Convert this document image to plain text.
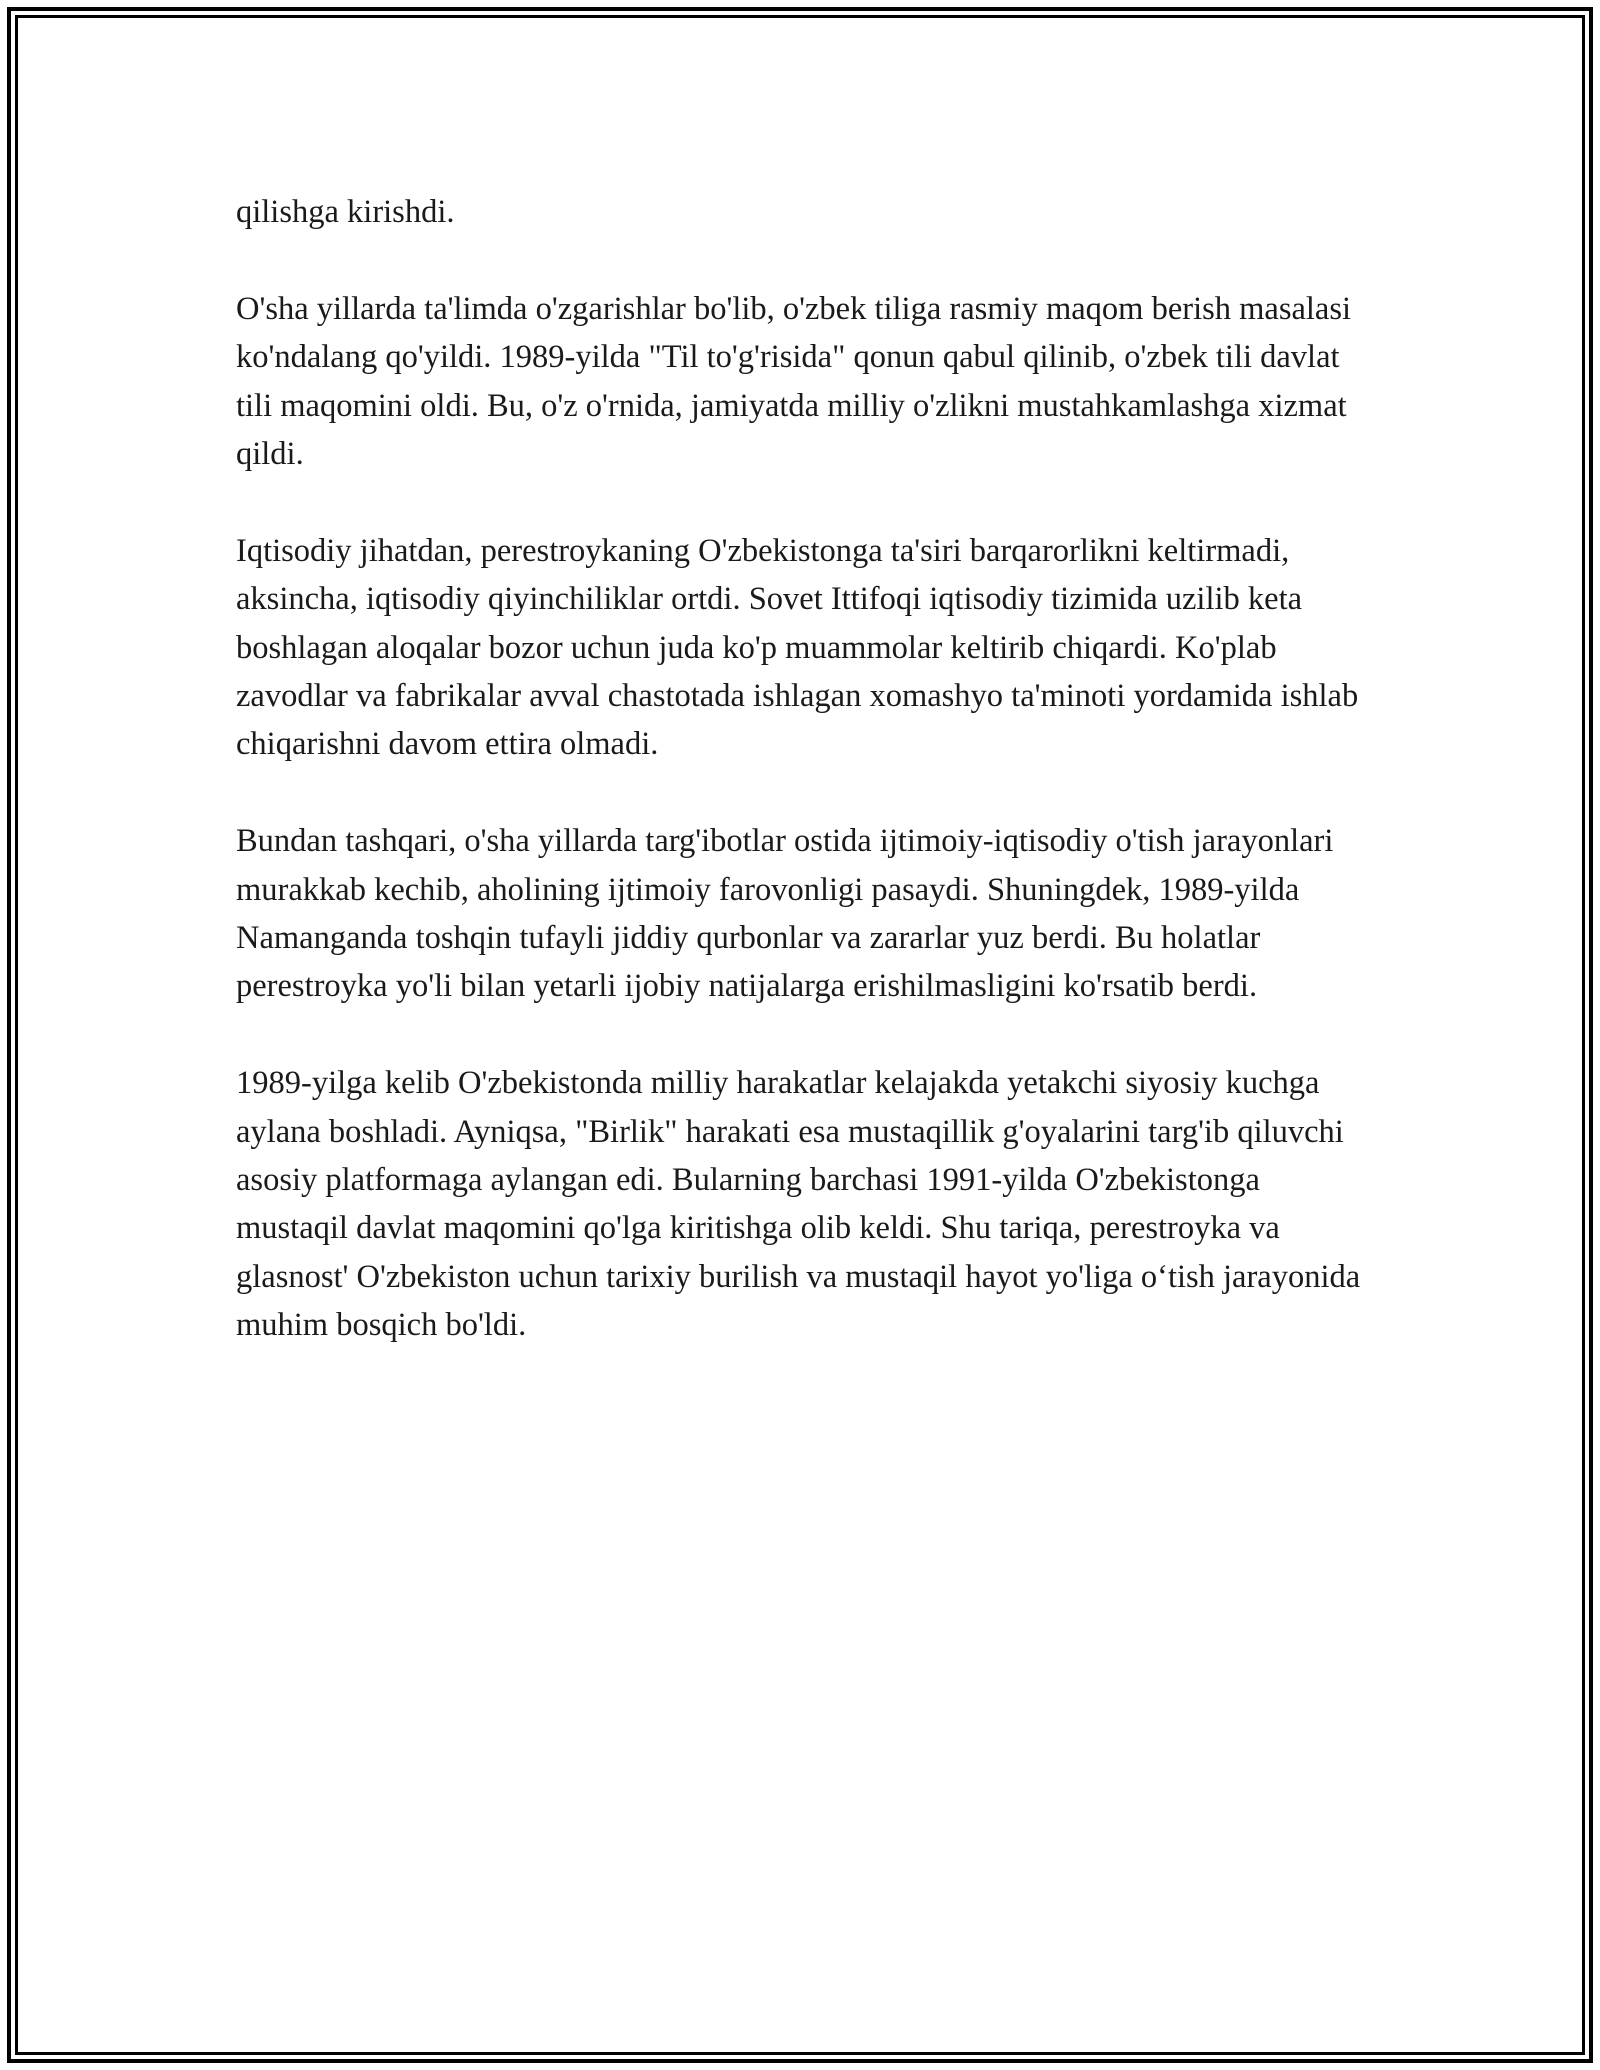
qilishga kirishdi.

O'sha yillarda ta'limda o'zgarishlar bo'lib, o'zbek tiliga rasmiy maqom berish masalasi ko'ndalang qo'yildi. 1989-yilda "Til to'g'risida" qonun qabul qilinib, o'zbek tili davlat tili maqomini oldi. Bu, o'z o'rnida, jamiyatda milliy o'zlikni mustahkamlashga xizmat qildi.

Iqtisodiy jihatdan, perestroykaning O'zbekistonga ta'siri barqarorlikni keltirmadi, aksincha, iqtisodiy qiyinchiliklar ortdi. Sovet Ittifoqi iqtisodiy tizimida uzilib keta boshlagan aloqalar bozor uchun juda ko'p muammolar keltirib chiqardi. Ko'plab zavodlar va fabrikalar avval chastotada ishlagan xomashyo ta'minoti yordamida ishlab chiqarishni davom ettira olmadi.

Bundan tashqari, o'sha yillarda targ'ibotlar ostida ijtimoiy-iqtisodiy o'tish jarayonlari murakkab kechib, aholining ijtimoiy farovonligi pasaydi. Shuningdek, 1989-yilda Namanganda toshqin tufayli jiddiy qurbonlar va zararlar yuz berdi. Bu holatlar perestroyka yo'li bilan yetarli ijobiy natijalarga erishilmasligini ko'rsatib berdi.

1989-yilga kelib O'zbekistonda milliy harakatlar kelajakda yetakchi siyosiy kuchga aylana boshladi. Ayniqsa, "Birlik" harakati esa mustaqillik g'oyalarini targ'ib qiluvchi asosiy platformaga aylangan edi. Bularning barchasi 1991-yilda O'zbekistonga mustaqil davlat maqomini qo'lga kiritishga olib keldi. Shu tariqa, perestroyka va glasnost' O'zbekiston uchun tarixiy burilish va mustaqil hayot yo'liga o‘tish jarayonida muhim bosqich bo'ldi.
